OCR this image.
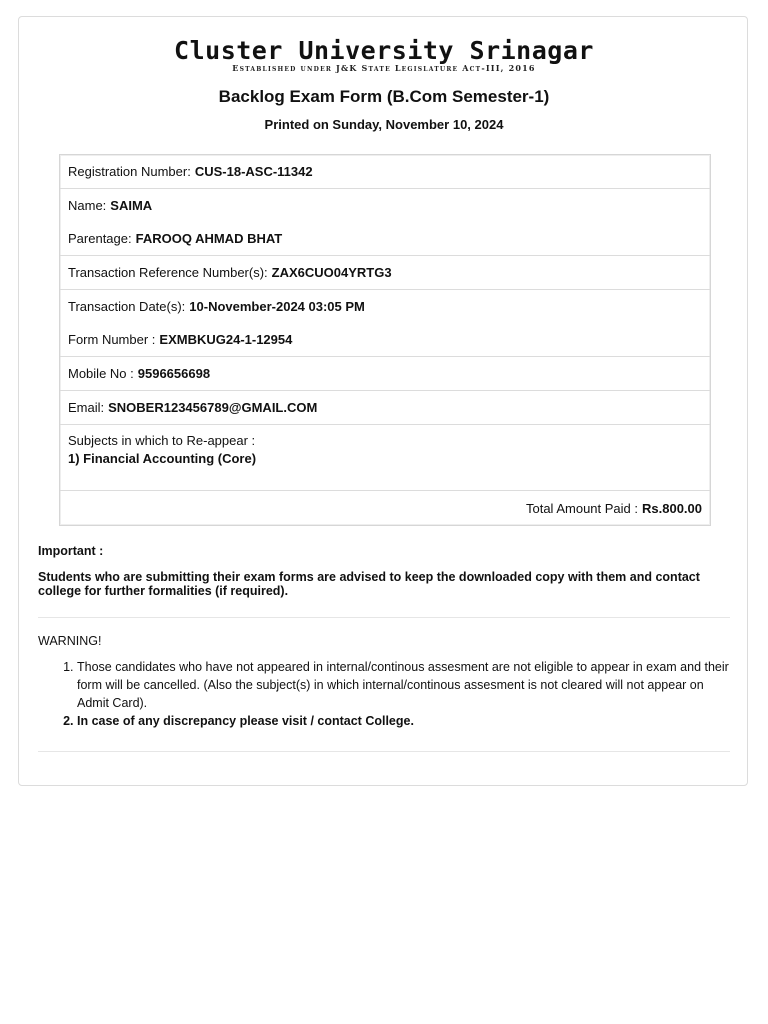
Cluster University Srinagar
Established under J&K State Legislature Act-III, 2016
Backlog Exam Form (B.Com Semester-1)
Printed on Sunday, November 10, 2024
Registration Number: CUS-18-ASC-11342
Name: SAIMA
Parentage: FAROOQ AHMAD BHAT
Transaction Reference Number(s): ZAX6CUO04YRTG3
Transaction Date(s): 10-November-2024 03:05 PM
Form Number : EXMBKUG24-1-12954
Mobile No : 9596656698
Email: SNOBER123456789@GMAIL.COM
Subjects in which to Re-appear :
1) Financial Accounting (Core)
Total Amount Paid : Rs.800.00
Important :
Students who are submitting their exam forms are advised to keep the downloaded copy with them and contact college for further formalities (if required).
WARNING!
1. Those candidates who have not appeared in internal/continous assesment are not eligible to appear in exam and their form will be cancelled. (Also the subject(s) in which internal/continous assesment is not cleared will not appear on Admit Card).
2. In case of any discrepancy please visit / contact College.
